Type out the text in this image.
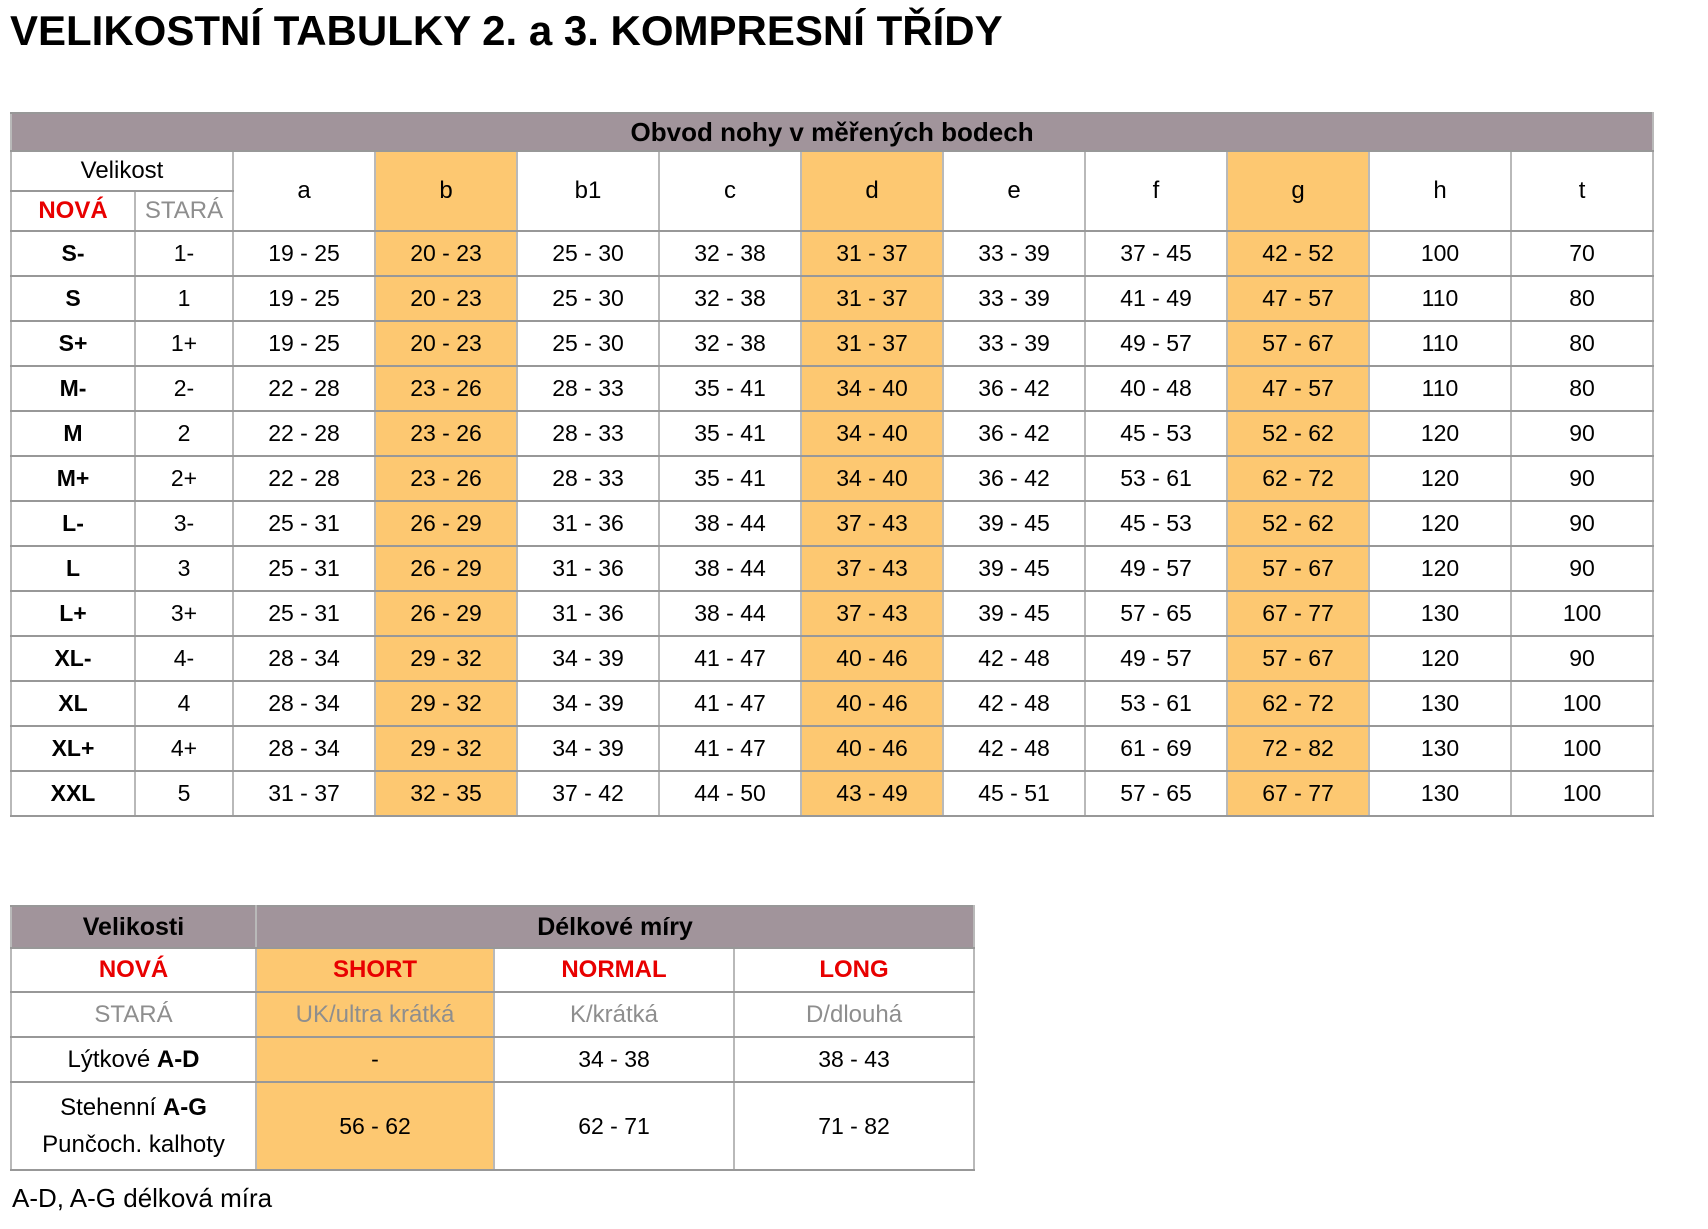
VELIKOSTNÍ TABULKY 2. a 3. KOMPRESNÍ TŘÍDY
Obvod nohy v měřených bodech											
Velikost		a	b	b1	c	d	e	f	g	h	t
NOVÁ	STARÁ										
S-	1-	19 - 25	20 - 23	25 - 30	32 - 38	31 - 37	33 - 39	37 - 45	42 - 52	100	70
S	1	19 - 25	20 - 23	25 - 30	32 - 38	31 - 37	33 - 39	41 - 49	47 - 57	110	80
S+	1+	19 - 25	20 - 23	25 - 30	32 - 38	31 - 37	33 - 39	49 - 57	57 - 67	110	80
M-	2-	22 - 28	23 - 26	28 - 33	35 - 41	34 - 40	36 - 42	40 - 48	47 - 57	110	80
M	2	22 - 28	23 - 26	28 - 33	35 - 41	34 - 40	36 - 42	45 - 53	52 - 62	120	90
M+	2+	22 - 28	23 - 26	28 - 33	35 - 41	34 - 40	36 - 42	53 - 61	62 - 72	120	90
L-	3-	25 - 31	26 - 29	31 - 36	38 - 44	37 - 43	39 - 45	45 - 53	52 - 62	120	90
L	3	25 - 31	26 - 29	31 - 36	38 - 44	37 - 43	39 - 45	49 - 57	57 - 67	120	90
L+	3+	25 - 31	26 - 29	31 - 36	38 - 44	37 - 43	39 - 45	57 - 65	67 - 77	130	100
XL-	4-	28 - 34	29 - 32	34 - 39	41 - 47	40 - 46	42 - 48	49 - 57	57 - 67	120	90
XL	4	28 - 34	29 - 32	34 - 39	41 - 47	40 - 46	42 - 48	53 - 61	62 - 72	130	100
XL+	4+	28 - 34	29 - 32	34 - 39	41 - 47	40 - 46	42 - 48	61 - 69	72 - 82	130	100
XXL	5	31 - 37	32 - 35	37 - 42	44 - 50	43 - 49	45 - 51	57 - 65	67 - 77	130	100
Velikosti	Délkové míry		
NOVÁ	SHORT	NORMAL	LONG
STARÁ	UK/ultra krátká	K/krátká	D/dlouhá
Lýtkové A-D	-	34 - 38	38 - 43

Stehenní A-G
Punčoch. kalhoty	56 - 62	62 - 71	71 - 82
A-D, A-G délková míra
